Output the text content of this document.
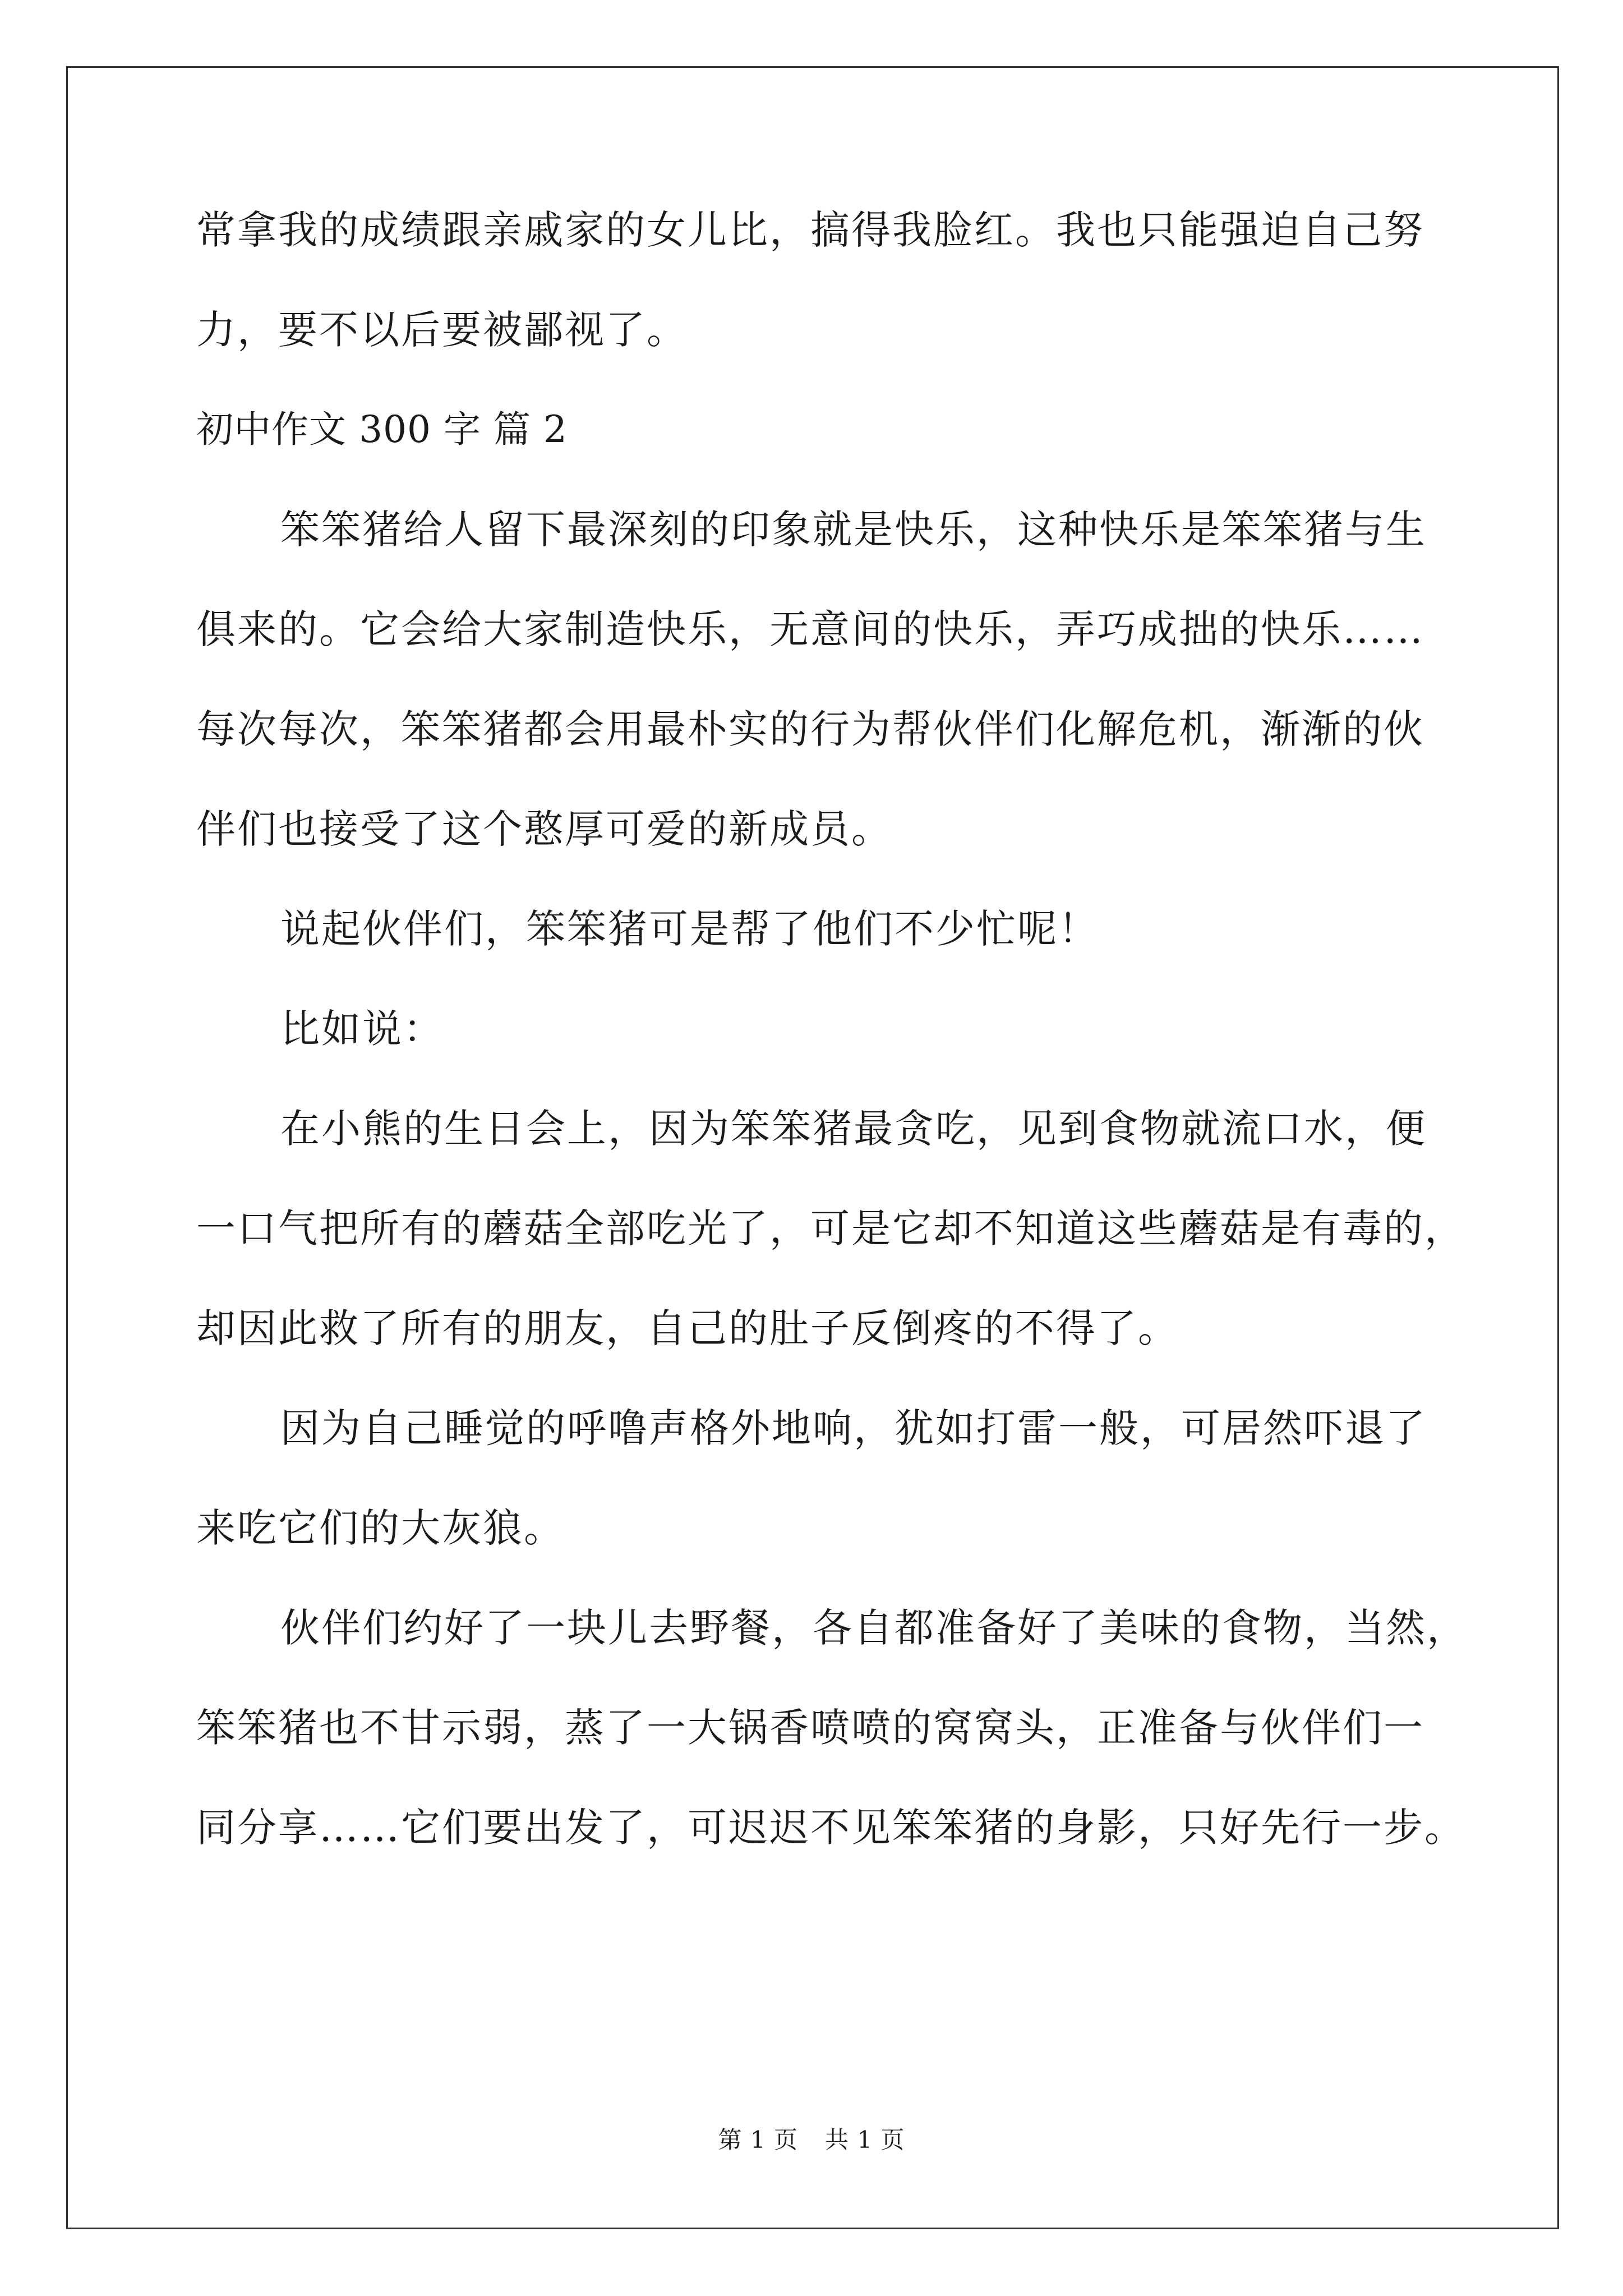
常拿我的成绩跟亲戚家的女儿比，搞得我脸红。我也只能强迫自己努
力，要不以后要被鄙视了。
初中作文 300 字 篇 2
笨笨猪给人留下最深刻的印象就是快乐，这种快乐是笨笨猪与生
俱来的。它会给大家制造快乐，无意间的快乐，弄巧成拙的快乐……
每次每次，笨笨猪都会用最朴实的行为帮伙伴们化解危机，渐渐的伙
伴们也接受了这个憨厚可爱的新成员。
说起伙伴们，笨笨猪可是帮了他们不少忙呢！
比如说：
在小熊的生日会上，因为笨笨猪最贪吃，见到食物就流口水，便
一口气把所有的蘑菇全部吃光了，可是它却不知道这些蘑菇是有毒的，
却因此救了所有的朋友，自己的肚子反倒疼的不得了。
因为自己睡觉的呼噜声格外地响，犹如打雷一般，可居然吓退了
来吃它们的大灰狼。
伙伴们约好了一块儿去野餐，各自都准备好了美味的食物，当然，
笨笨猪也不甘示弱，蒸了一大锅香喷喷的窝窝头，正准备与伙伴们一
同分享……它们要出发了，可迟迟不见笨笨猪的身影，只好先行一步。
第 1 页 共 1 页
